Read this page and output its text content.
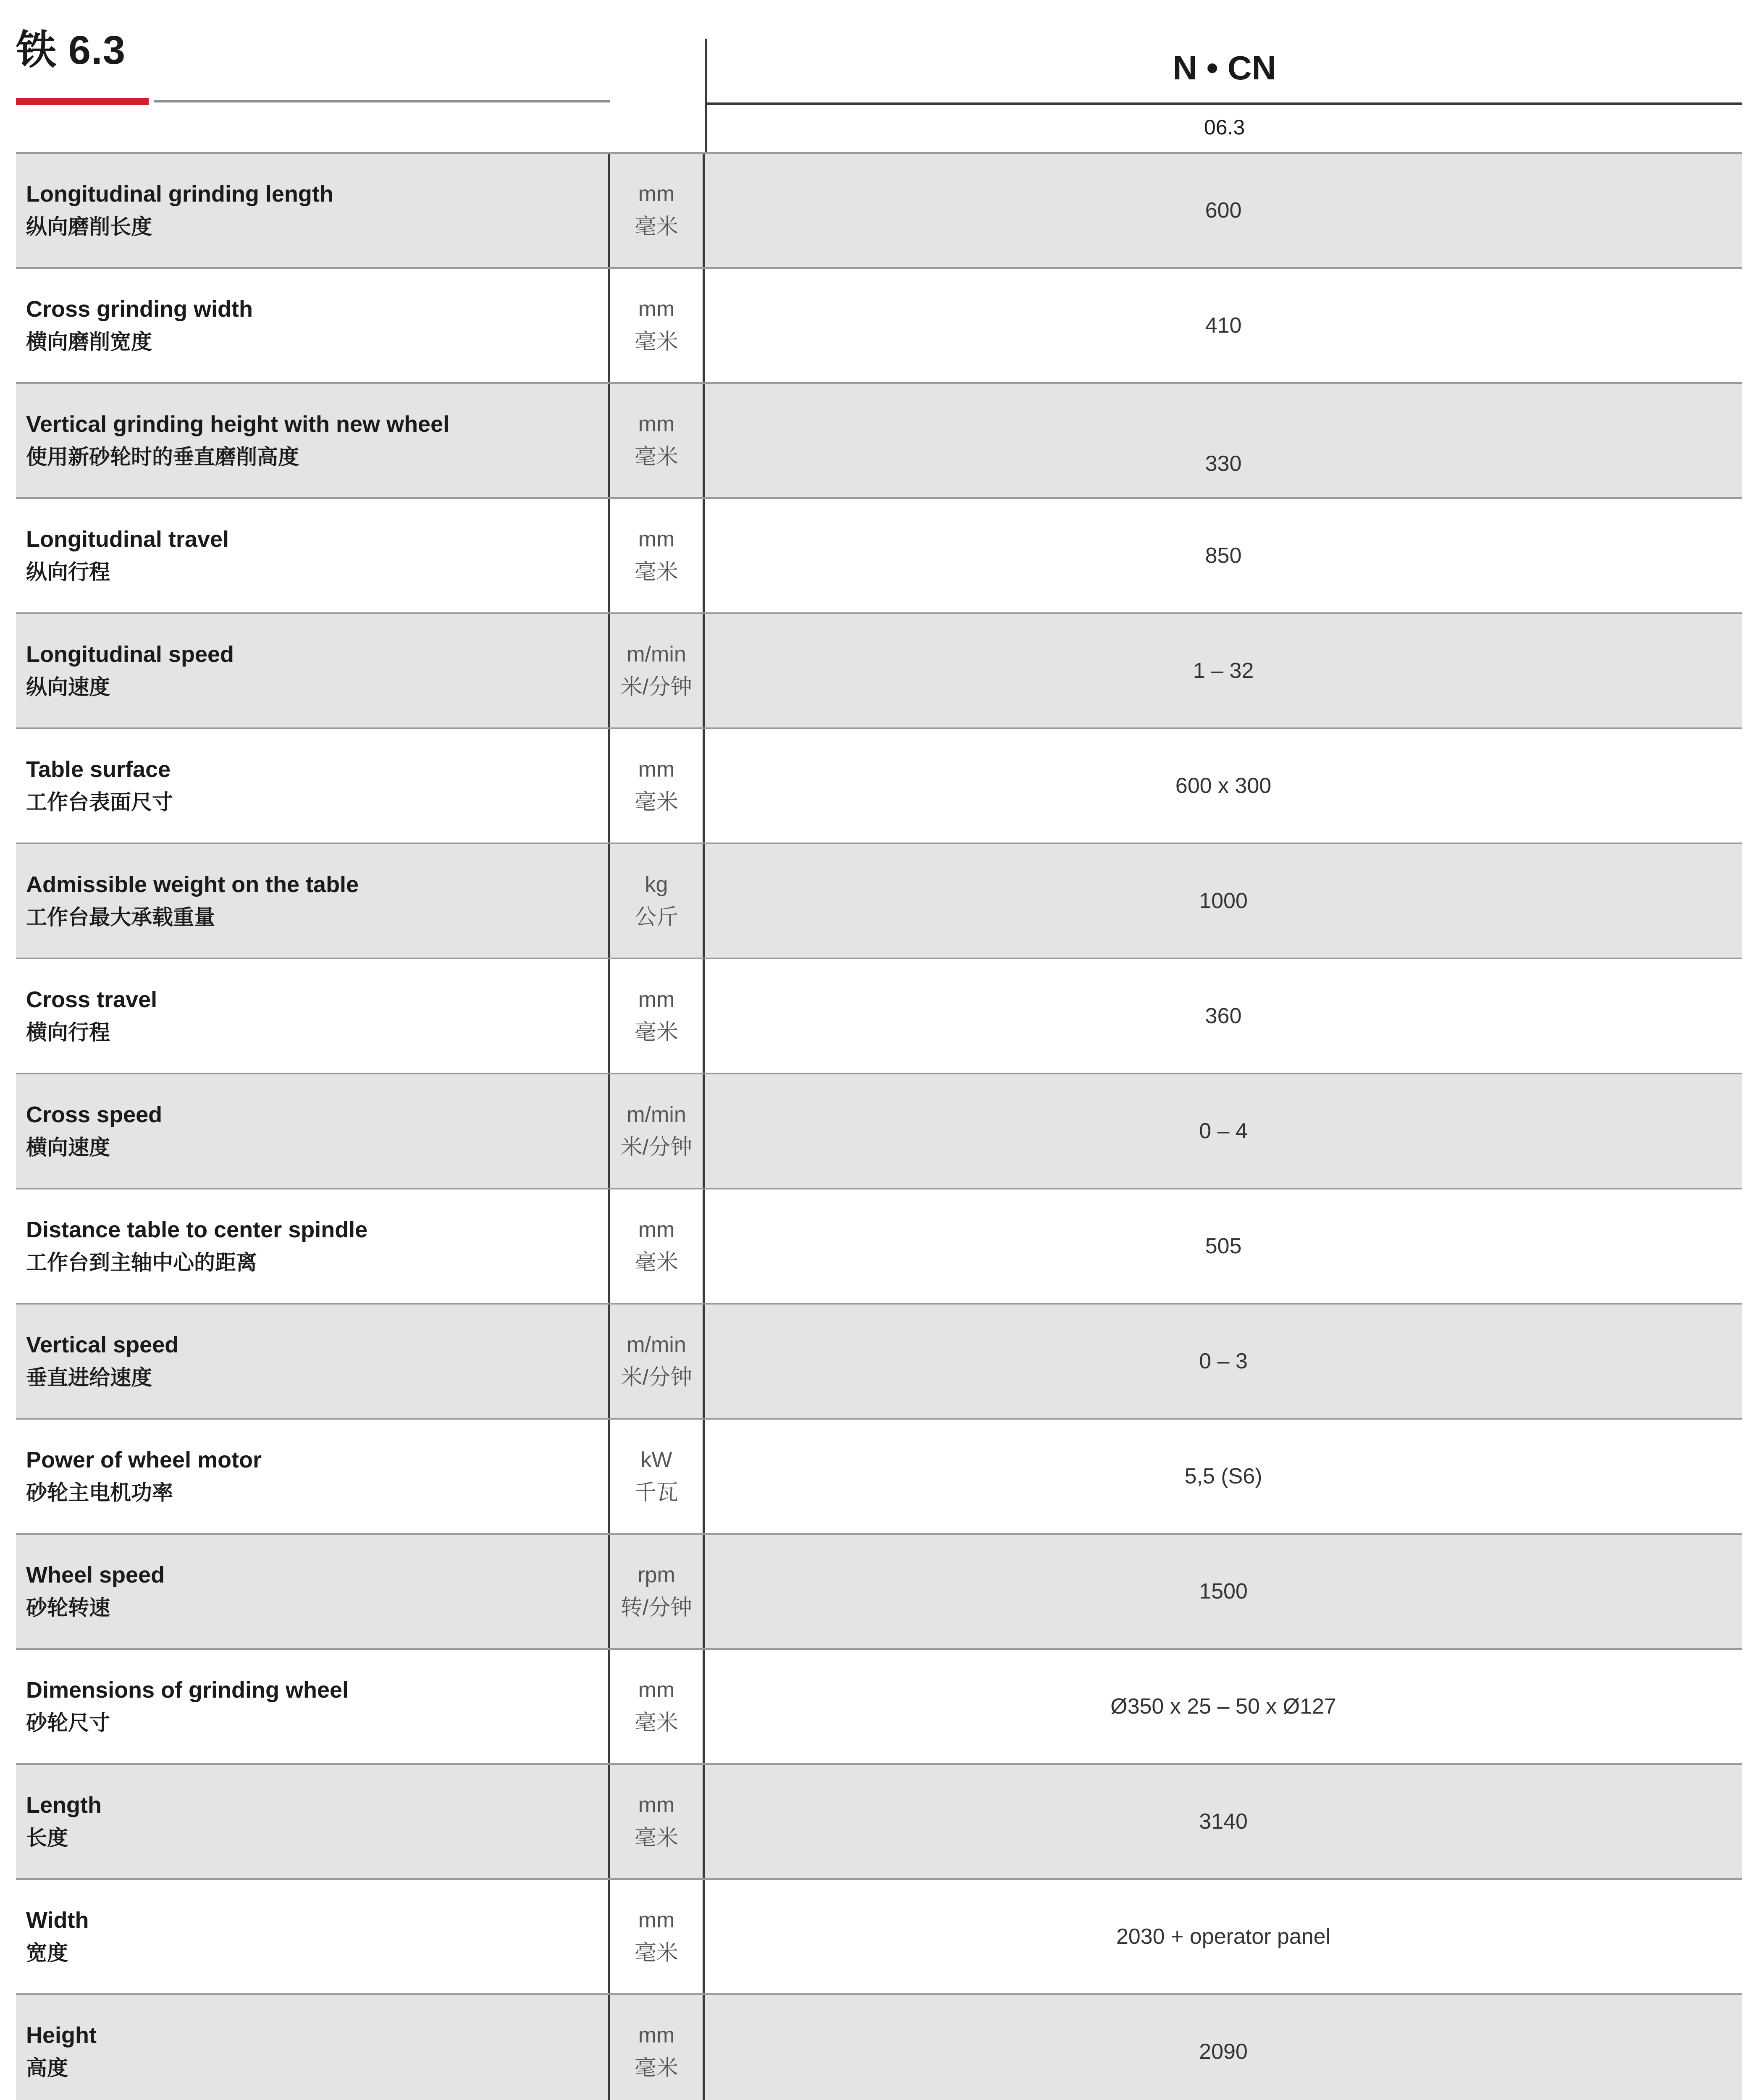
铁 6.3	N • CN
06.3
Longitudinal grinding length
纵向磨削长度
mm
毫米
600
Cross grinding width
横向磨削宽度
mm
毫米
410
Vertical grinding height with new wheel
使用新砂轮时的垂直磨削高度
mm
毫米	330
Longitudinal travel
纵向行程
mm
毫米
850
Longitudinal speed
纵向速度
m/min
米/分钟
1 – 32
Table surface
工作台表面尺寸
mm
毫米
600 x 300
Admissible weight on the table
工作台最大承载重量
kg
公斤
1000
Cross travel
横向行程
mm
毫米
360
Cross speed
横向速度
m/min
米/分钟
0 – 4
Distance table to center spindle
工作台到主轴中心的距离
mm
毫米
505
Vertical speed
垂直进给速度
m/min
米/分钟
0 – 3
Power of wheel motor
砂轮主电机功率
kW
千瓦
5,5 (S6)
Wheel speed
砂轮转速
rpm
转/分钟
1500
Dimensions of grinding wheel
砂轮尺寸
mm
毫米
Ø350 x 25 – 50 x Ø127
Length
长度
mm
毫米
3140
Width
宽度
mm
毫米
2030 + operator panel
Height
高度
mm
毫米
2090
